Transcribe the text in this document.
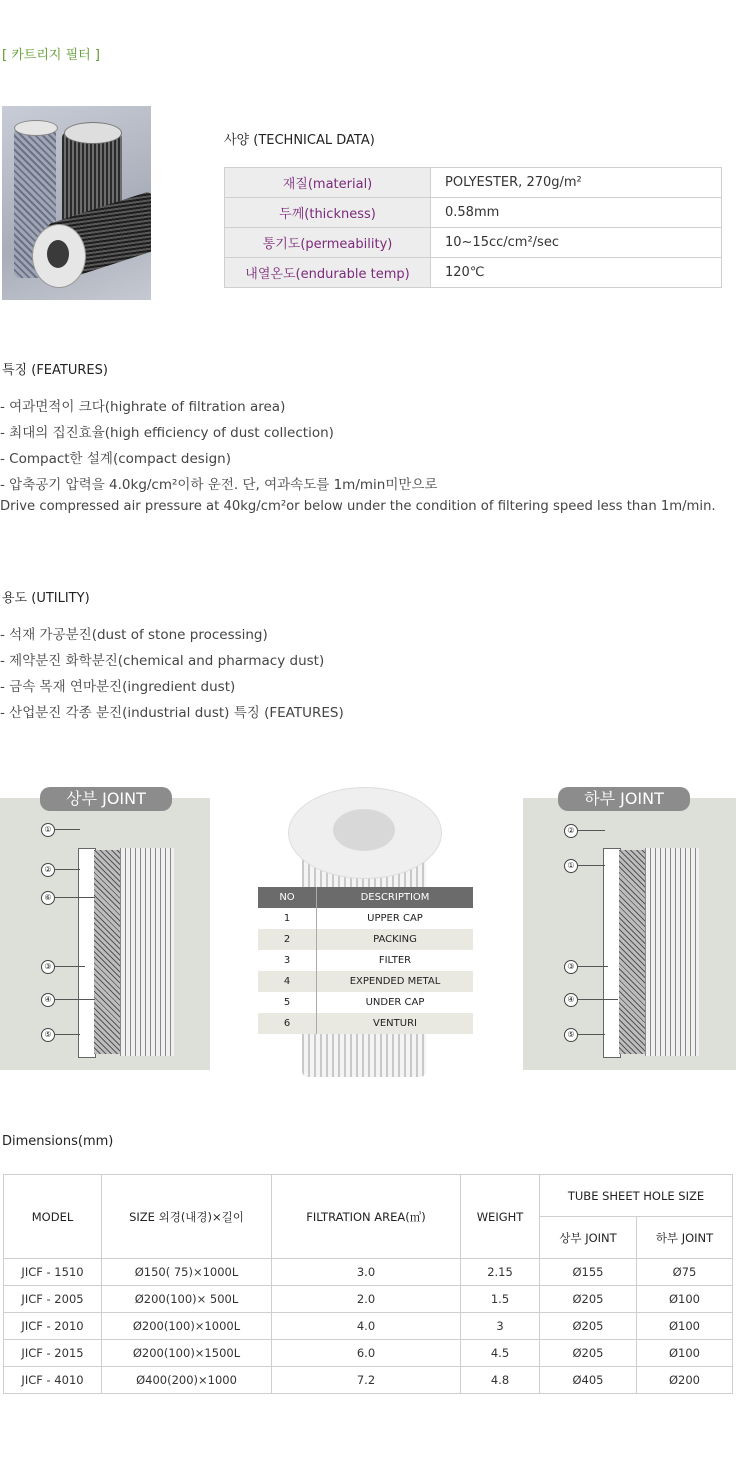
[ 카트리지 필터 ]
사양 (TECHNICAL DATA)
재질(material)	POLYESTER, 270g/m²
두께(thickness)	0.58mm
통기도(permeability)	10~15cc/cm²/sec
내열온도(endurable temp)	120℃
특징 (FEATURES)
- 여과면적이 크다(highrate of filtration area)
- 최대의 집진효율(high efficiency of dust collection)
- Compact한 설계(compact design)
- 압축공기 압력을 4.0kg/cm²이하 운전. 단, 여과속도를 1m/min미만으로
Drive compressed air pressure at 40kg/cm²or below under the condition of filtering speed less than 1m/min.
용도 (UTILITY)
- 석재 가공분진(dust of stone processing)
- 제약분진 화학분진(chemical and pharmacy dust)
- 금속 목재 연마분진(ingredient dust)
- 산업분진 각종 분진(industrial dust) 특징 (FEATURES)
①
②
⑥
③
④
⑤
상부 JOINT
NO	DESCRIPTIOM
1	UPPER CAP
2	PACKING
3	FILTER
4	EXPENDED METAL
5	UNDER CAP
6	VENTURI
②
①
③
④
⑤
하부 JOINT
Dimensions(mm)
MODEL	SIZE 외경(내경)×길이	FILTRATION AREA(㎥)	WEIGHT	TUBE SHEET HOLE SIZE	
				상부 JOINT	하부 JOINT
JICF - 1510	Ø150( 75)×1000L	3.0	2.15	Ø155	Ø75
JICF - 2005	Ø200(100)× 500L	2.0	1.5	Ø205	Ø100
JICF - 2010	Ø200(100)×1000L	4.0	3	Ø205	Ø100
JICF - 2015	Ø200(100)×1500L	6.0	4.5	Ø205	Ø100
JICF - 4010	Ø400(200)×1000	7.2	4.8	Ø405	Ø200
